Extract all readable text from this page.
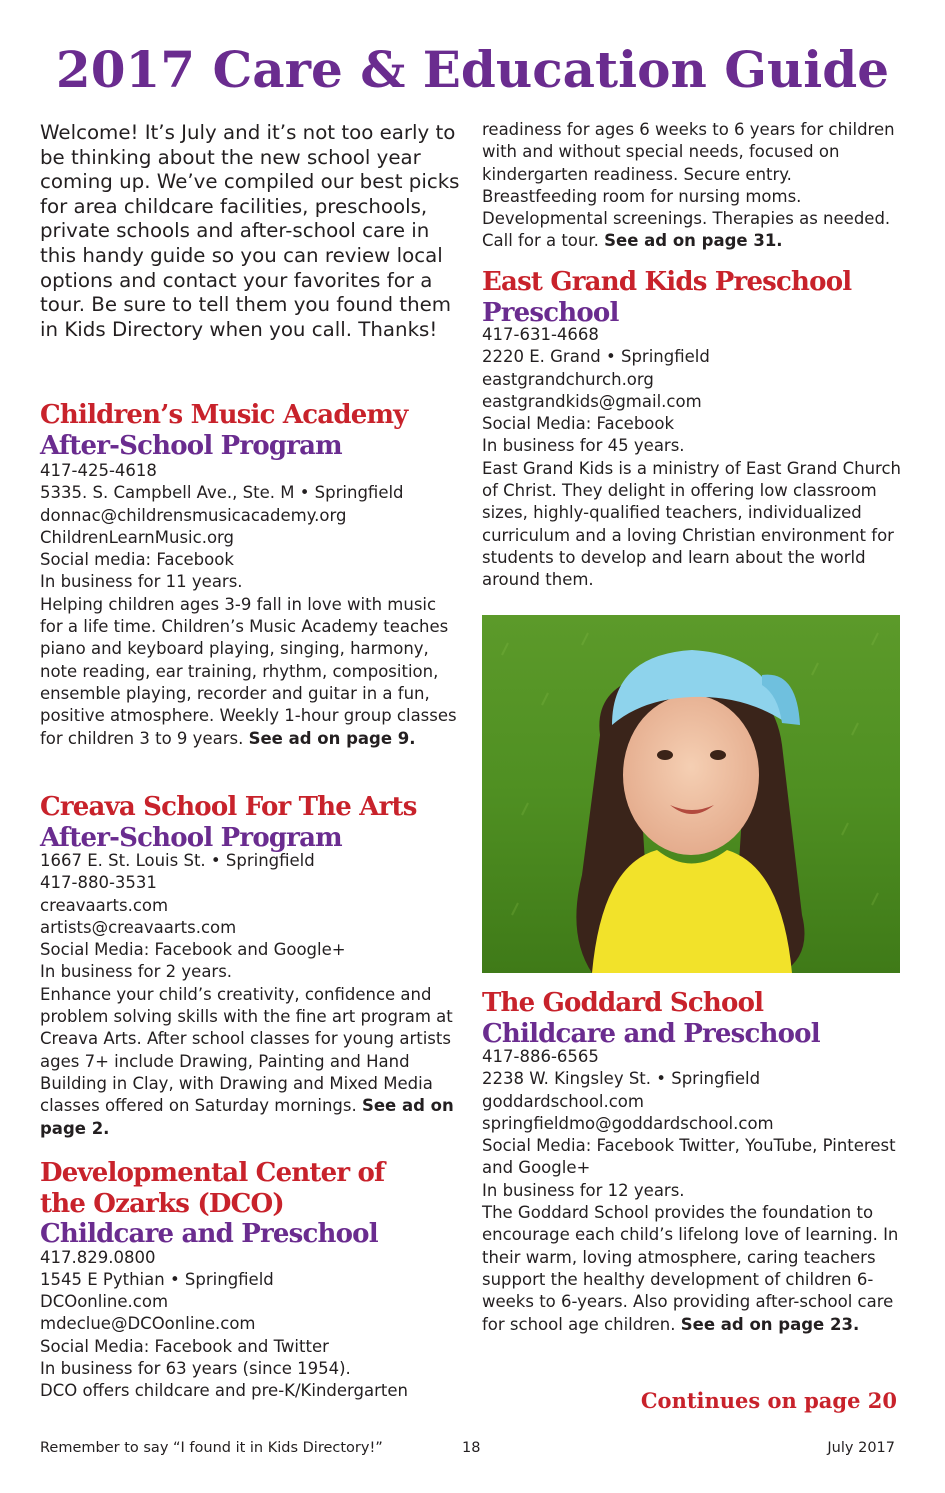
2017 Care & Education Guide

Welcome! It’s July and it’s not too early to be thinking about the new school year coming up. We’ve compiled our best picks for area childcare facilities, preschools, private schools and after-school care in this handy guide so you can review local options and contact your favorites for a tour. Be sure to tell them you found them in Kids Directory when you call. Thanks!

Children’s Music Academy
After-School Program
417-425-4618
5335. S. Campbell Ave., Ste. M • Springfield
donnac@childrensmusicacademy.org
ChildrenLearnMusic.org
Social media: Facebook
In business for 11 years.

Helping children ages 3-9 fall in love with music for a life time. Children’s Music Academy teaches piano and keyboard playing, singing, harmony, note reading, ear training, rhythm, composition, ensemble playing, recorder and guitar in a fun, positive atmosphere. Weekly 1-hour group classes for children 3 to 9 years. See ad on page 9.

Creava School For The Arts
After-School Program
1667 E. St. Louis St. • Springfield
417-880-3531
creavaarts.com
artists@creavaarts.com
Social Media: Facebook and Google+
In business for 2 years.

Enhance your child’s creativity, confidence and problem solving skills with the fine art program at Creava Arts. After school classes for young artists ages 7+ include Drawing, Painting and Hand Building in Clay, with Drawing and Mixed Media classes offered on Saturday mornings. See ad on page 2.

Developmental Center of
the Ozarks (DCO)
Childcare and Preschool
417.829.0800
1545 E Pythian • Springfield
DCOonline.com
mdeclue@DCOonline.com
Social Media: Facebook and Twitter
In business for 63 years (since 1954).
DCO offers childcare and pre-K/Kindergarten

readiness for ages 6 weeks to 6 years for children with and without special needs, focused on kindergarten readiness. Secure entry. Breastfeeding room for nursing moms. Developmental screenings. Therapies as needed. Call for a tour. See ad on page 31.

East Grand Kids Preschool
Preschool
417-631-4668
2220 E. Grand • Springfield
eastgrandchurch.org
eastgrandkids@gmail.com
Social Media: Facebook
In business for 45 years.

East Grand Kids is a ministry of East Grand Church of Christ. They delight in offering low classroom sizes, highly-qualified teachers, individualized curriculum and a loving Christian environment for students to develop and learn about the world around them.

The Goddard School
Childcare and Preschool
417-886-6565
2238 W. Kingsley St. • Springfield
goddardschool.com
springfieldmo@goddardschool.com

Social Media: Facebook Twitter, YouTube, Pinterest and Google+

In business for 12 years.

The Goddard School provides the foundation to encourage each child’s lifelong love of learning. In their warm, loving atmosphere, caring teachers support the healthy development of children 6-weeks to 6-years. Also providing after-school care for school age children. See ad on page 23.

Continues on page 20
Remember to say “I found it in Kids Directory!”	18	July 2017
